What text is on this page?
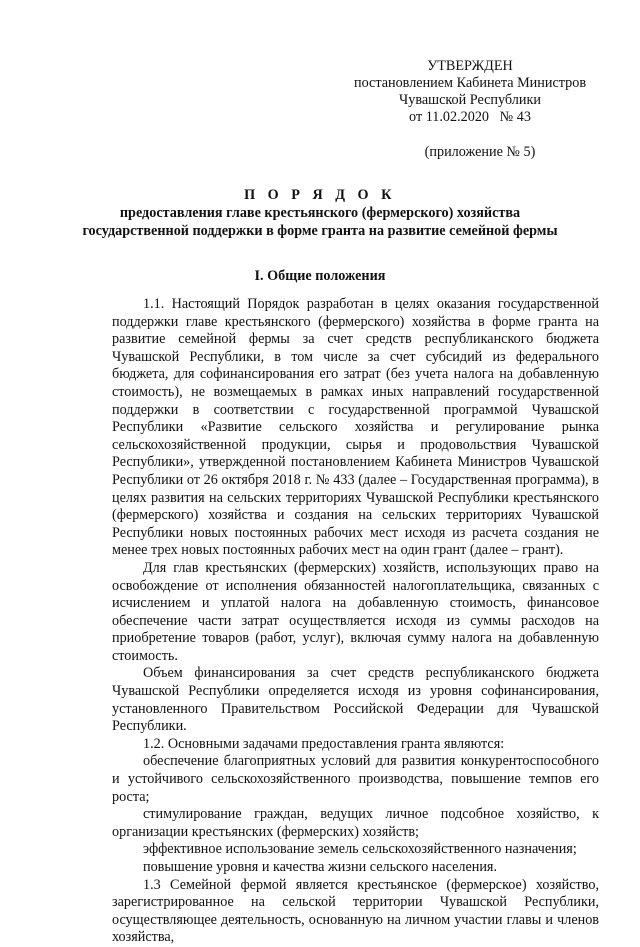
УТВЕРЖДЕН
постановлением Кабинета Министров
Чувашской Республики
от 11.02.2020   № 43
(приложение № 5)
П О Р Я Д О К
предоставления главе крестьянского (фермерского) хозяйства
государственной поддержки в форме гранта на развитие семейной фермы
I. Общие положения

1.1. Настоящий Порядок разработан в целях оказания государственной поддержки главе крестьянского (фермерского) хозяйства в форме гранта на развитие семейной фермы за счет средств республиканского бюджета Чувашской Республики, в том числе за счет субсидий из федерального бюджета, для софинансирования его затрат (без учета налога на добавленную стоимость), не возмещаемых в рамках иных направлений государственной поддержки в соответствии с государственной программой Чувашской Республики «Развитие сельского хозяйства и регулирование рынка сельскохозяйственной продукции, сырья и продовольствия Чувашской Республики», утвержденной постановлением Кабинета Министров Чувашской Республики от 26 октября 2018 г. № 433 (далее – Государственная программа), в целях развития на сельских территориях Чувашской Республики крестьянского (фермерского) хозяйства и создания на сельских территориях Чувашской Республики новых постоянных рабочих мест исходя из расчета создания не менее трех новых постоянных рабочих мест на один грант (далее – грант).

Для глав крестьянских (фермерских) хозяйств, использующих право на освобождение от исполнения обязанностей налогоплательщика, связанных с исчислением и уплатой налога на добавленную стоимость, финансовое обеспечение части затрат осуществляется исходя из суммы расходов на приобретение товаров (работ, услуг), включая сумму налога на добавленную стоимость.

Объем финансирования за счет средств республиканского бюджета Чувашской Республики определяется исходя из уровня софинансирования, установленного Правительством Российской Федерации для Чувашской Республики.

1.2. Основными задачами предоставления гранта являются:

обеспечение благоприятных условий для развития конкурентоспособного и устойчивого сельскохозяйственного производства, повышение темпов его роста;

стимулирование граждан, ведущих личное подсобное хозяйство, к организации крестьянских (фермерских) хозяйств;

эффективное использование земель сельскохозяйственного назначения;

повышение уровня и качества жизни сельского населения.

1.3 Семейной фермой является крестьянское (фермерское) хозяйство, зарегистрированное на сельской территории Чувашской Республики, осуществляющее деятельность, основанную на личном участии главы и членов хозяйства,
